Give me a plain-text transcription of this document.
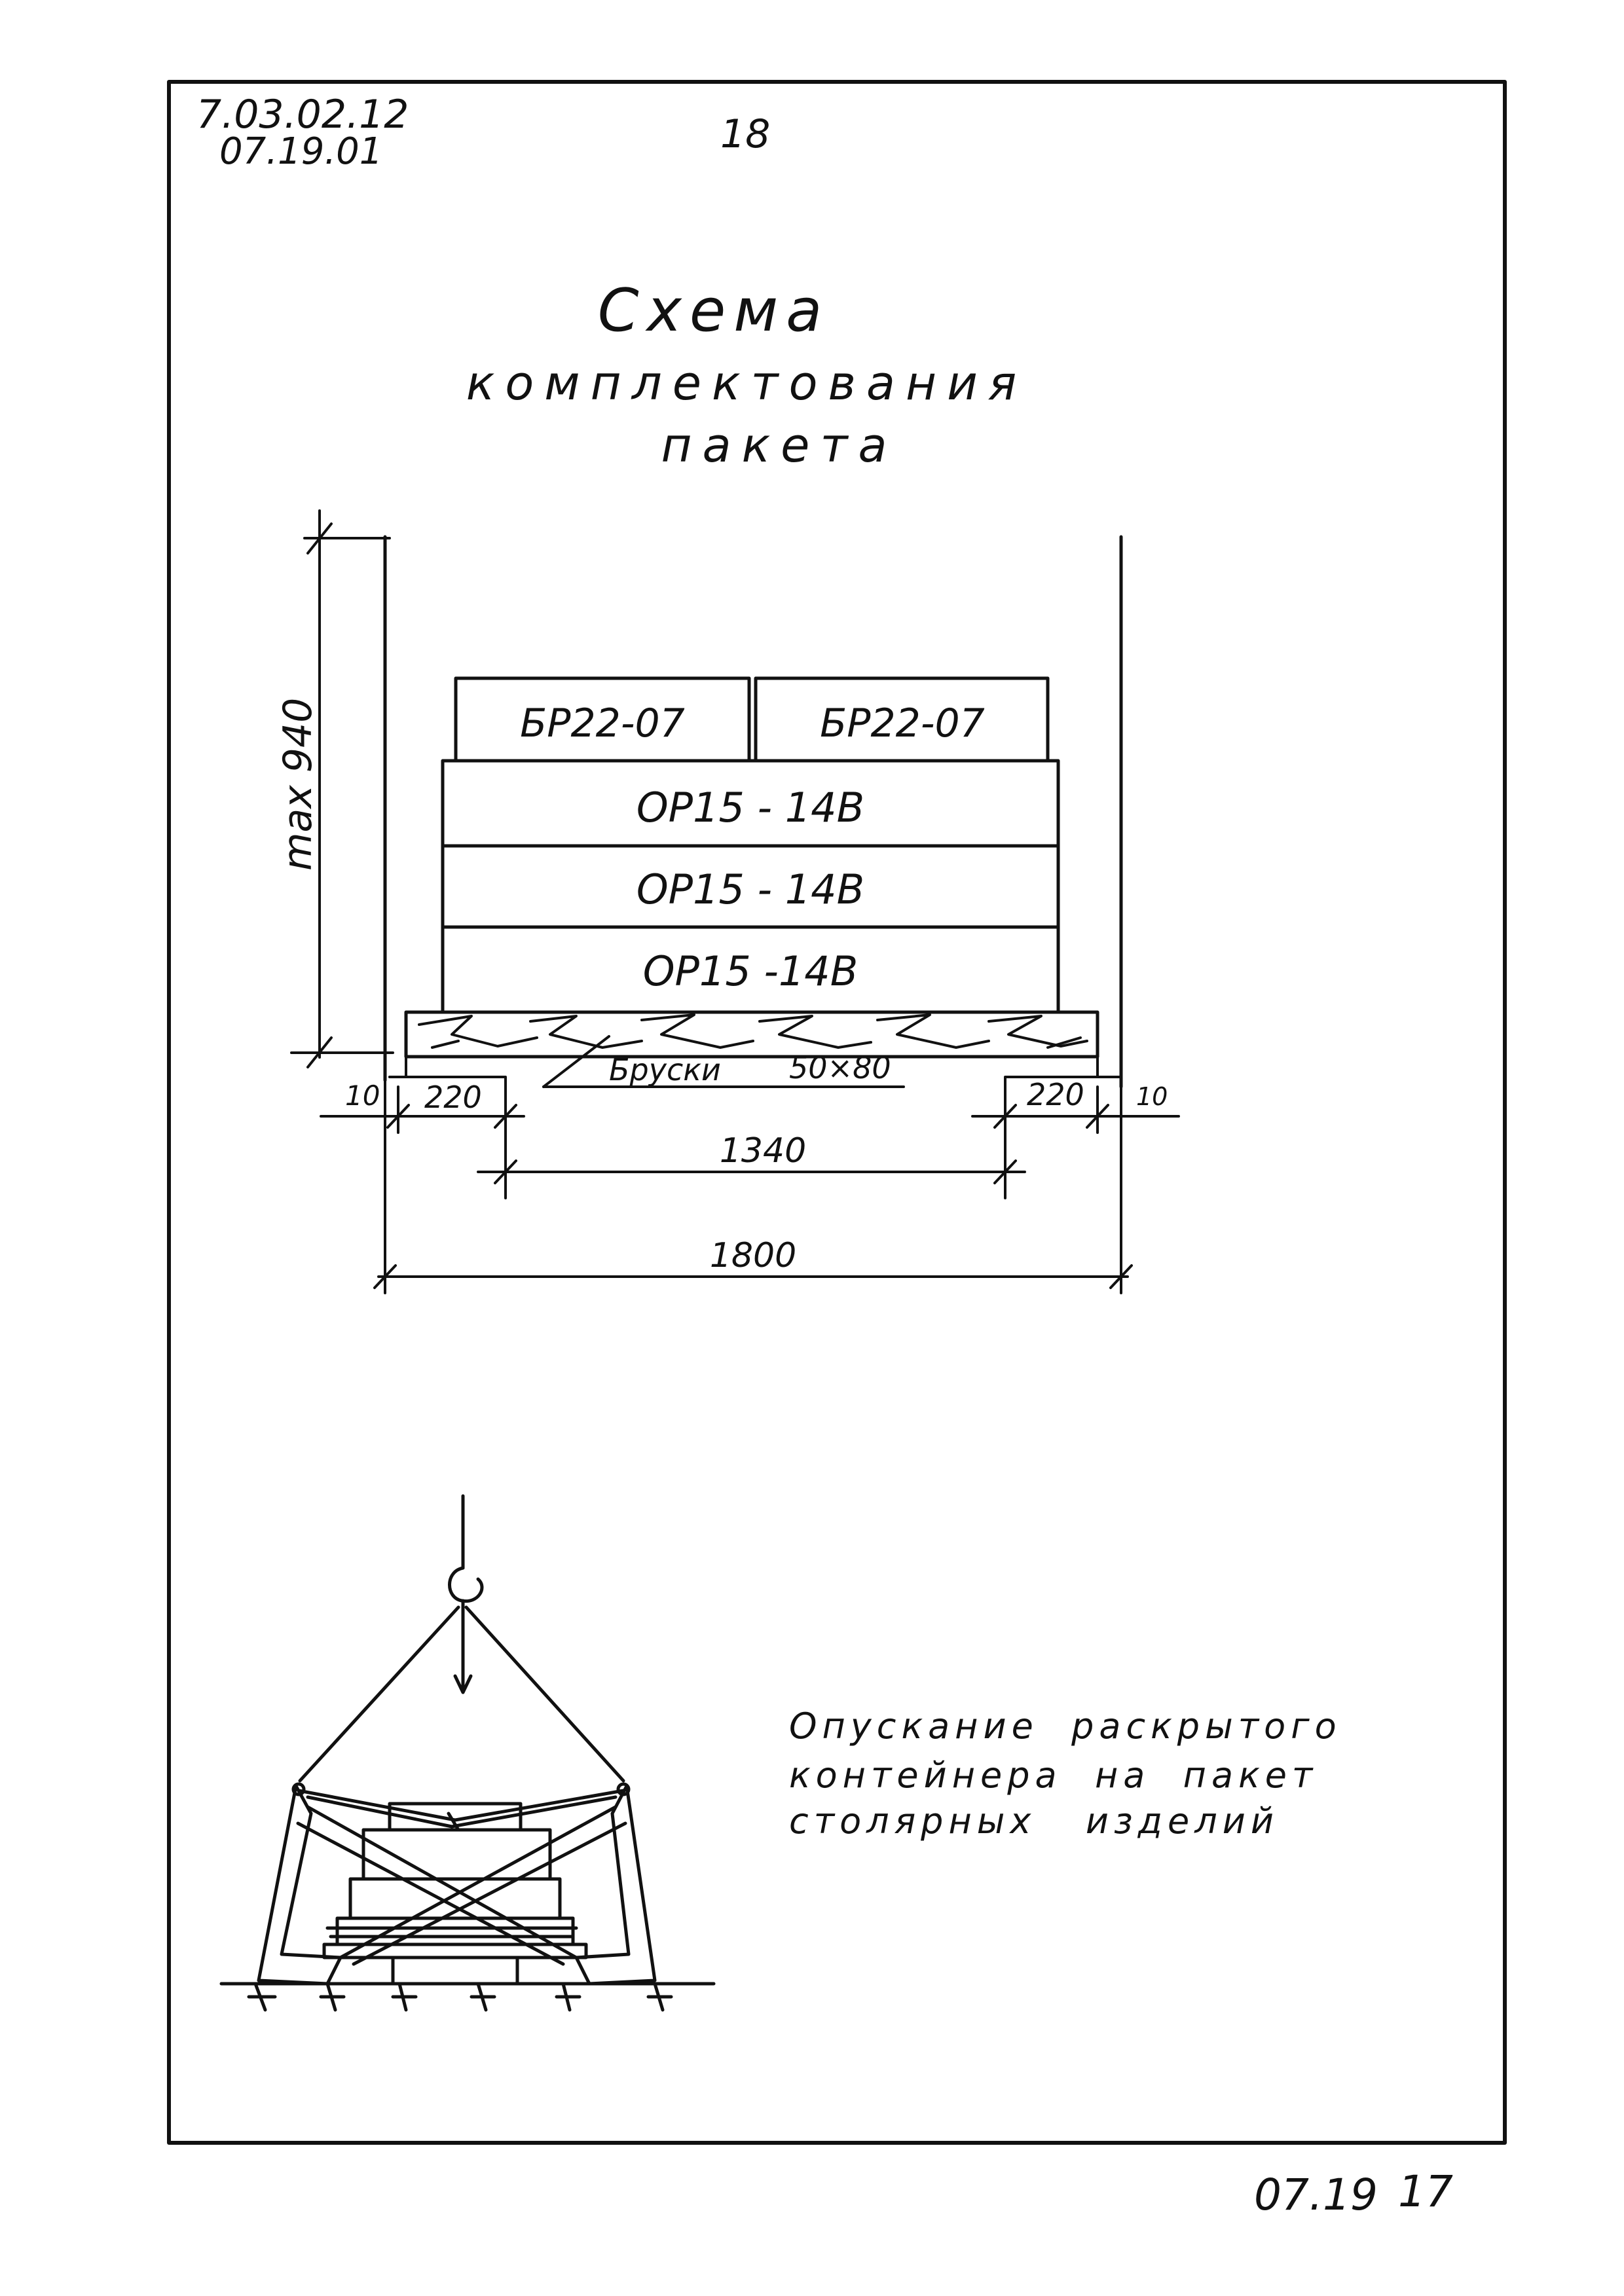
7.03.02.12
07.19.01	18
Схема
комплектования
пакета
max 940	БР22-07	БР22-07
ОР15 - 14В
ОР15 - 14В
ОР15 -14В
Бруски 50×80
10 220	220 10
1340
1800
Опускание  раскрытого
контейнера  на  пакет
столярных   изделий
07.19 17
